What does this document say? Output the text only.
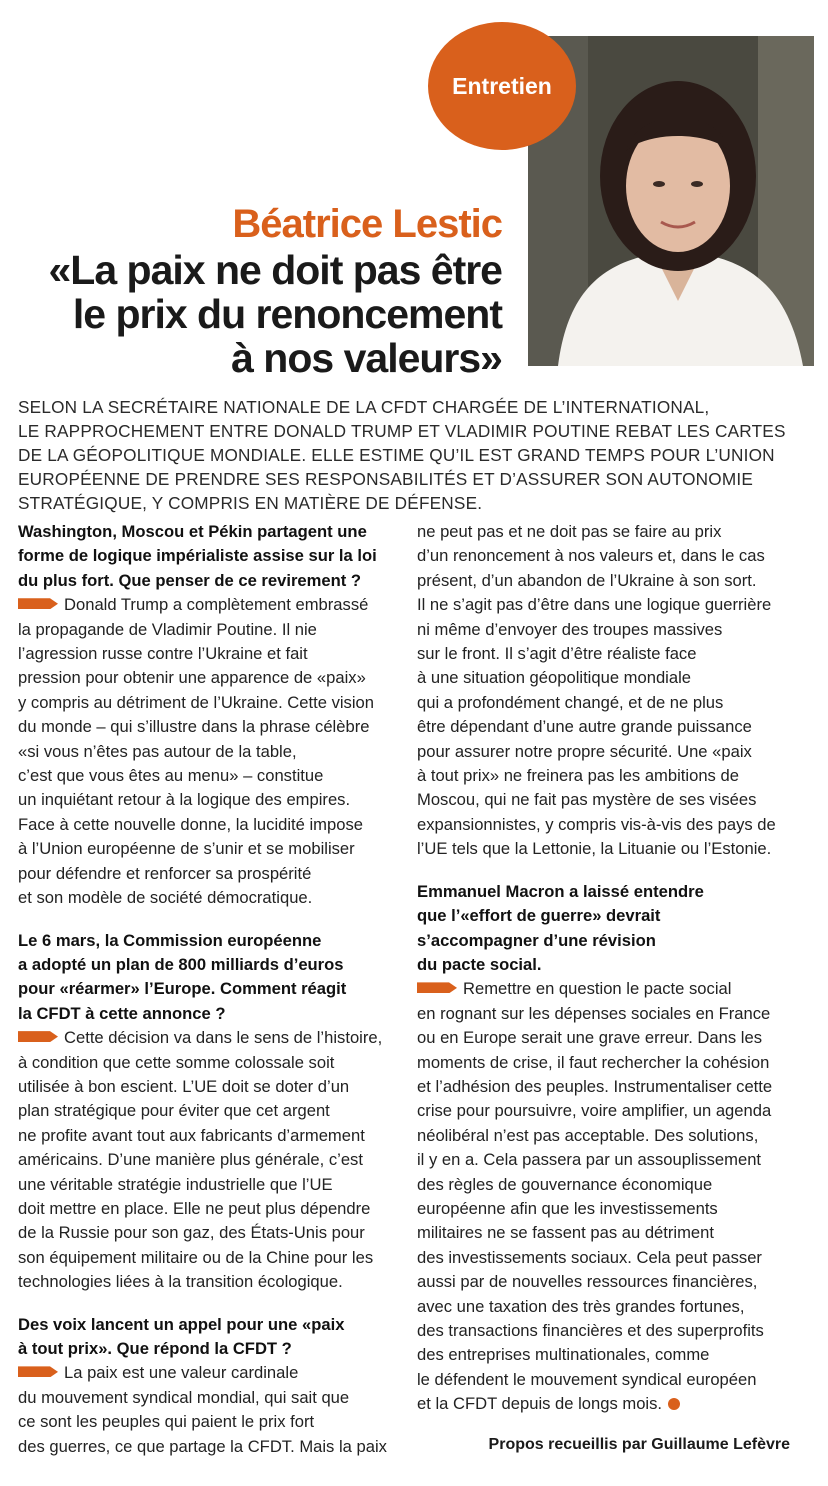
Entretien
Béatrice Lestic
«La paix ne doit pas être
le prix du renoncement
à nos valeurs»
SELON LA SECRÉTAIRE NATIONALE DE LA CFDT CHARGÉE DE L’INTERNATIONAL,
LE RAPPROCHEMENT ENTRE DONALD TRUMP ET VLADIMIR POUTINE REBAT LES CARTES
DE LA GÉOPOLITIQUE MONDIALE. ELLE ESTIME QU’IL EST GRAND TEMPS POUR L’UNION
EUROPÉENNE DE PRENDRE SES RESPONSABILITÉS ET D’ASSURER SON AUTONOMIE
STRATÉGIQUE, Y COMPRIS EN MATIÈRE DE DÉFENSE.
Washington, Moscou et Pékin partagent une
forme de logique impérialiste assise sur la loi
du plus fort. Que penser de ce revirement ?
Donald Trump a complètement embrassé
la propagande de Vladimir Poutine. Il nie
l’agression russe contre l’Ukraine et fait
pression pour obtenir une apparence de «paix»
y compris au détriment de l’Ukraine. Cette vision
du monde – qui s’illustre dans la phrase célèbre
«si vous n’êtes pas autour de la table,
c’est que vous êtes au menu» – constitue
un inquiétant retour à la logique des empires.
Face à cette nouvelle donne, la lucidité impose
à l’Union européenne de s’unir et se mobiliser
pour défendre et renforcer sa prospérité
et son modèle de société démocratique.
Le 6 mars, la Commission européenne
a adopté un plan de 800 milliards d’euros
pour «réarmer» l’Europe. Comment réagit
la CFDT à cette annonce ?
Cette décision va dans le sens de l’histoire,
à condition que cette somme colossale soit
utilisée à bon escient. L’UE doit se doter d’un
plan stratégique pour éviter que cet argent
ne profite avant tout aux fabricants d’armement
américains. D’une manière plus générale, c’est
une véritable stratégie industrielle que l’UE
doit mettre en place. Elle ne peut plus dépendre
de la Russie pour son gaz, des États-Unis pour
son équipement militaire ou de la Chine pour les
technologies liées à la transition écologique.
Des voix lancent un appel pour une «paix
à tout prix». Que répond la CFDT ?
La paix est une valeur cardinale
du mouvement syndical mondial, qui sait que
ce sont les peuples qui paient le prix fort
des guerres, ce que partage la CFDT. Mais la paix
ne peut pas et ne doit pas se faire au prix
d’un renoncement à nos valeurs et, dans le cas
présent, d’un abandon de l’Ukraine à son sort.
Il ne s’agit pas d’être dans une logique guerrière
ni même d’envoyer des troupes massives
sur le front. Il s’agit d’être réaliste face
à une situation géopolitique mondiale
qui a profondément changé, et de ne plus
être dépendant d’une autre grande puissance
pour assurer notre propre sécurité. Une «paix
à tout prix» ne freinera pas les ambitions de
Moscou, qui ne fait pas mystère de ses visées
expansionnistes, y compris vis-à-vis des pays de
l’UE tels que la Lettonie, la Lituanie ou l’Estonie.
Emmanuel Macron a laissé entendre
que l’«effort de guerre» devrait
s’accompagner d’une révision
du pacte social.
Remettre en question le pacte social
en rognant sur les dépenses sociales en France
ou en Europe serait une grave erreur. Dans les
moments de crise, il faut rechercher la cohésion
et l’adhésion des peuples. Instrumentaliser cette
crise pour poursuivre, voire amplifier, un agenda
néolibéral n’est pas acceptable. Des solutions,
il y en a. Cela passera par un assouplissement
des règles de gouvernance économique
européenne afin que les investissements
militaires ne se fassent pas au détriment
des investissements sociaux. Cela peut passer
aussi par de nouvelles ressources financières,
avec une taxation des très grandes fortunes,
des transactions financières et des superprofits
des entreprises multinationales, comme
le défendent le mouvement syndical européen
et la CFDT depuis de longs mois.
Propos recueillis par Guillaume Lefèvre
